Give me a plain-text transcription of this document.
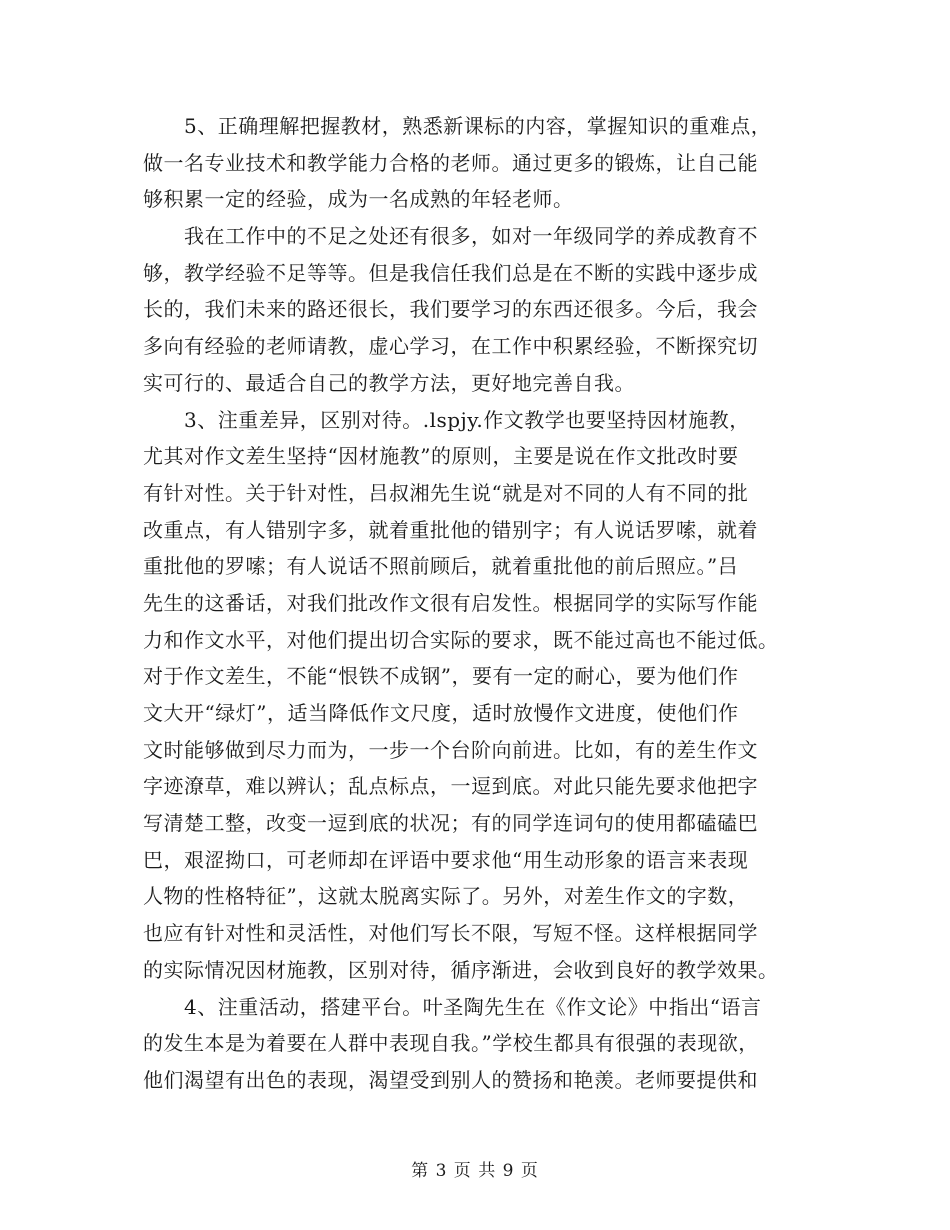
　　5、正确理解把握教材，熟悉新课标的内容，掌握知识的重难点，
做一名专业技术和教学能力合格的老师。通过更多的锻炼，让自己能
够积累一定的经验，成为一名成熟的年轻老师。
　　我在工作中的不足之处还有很多，如对一年级同学的养成教育不
够，教学经验不足等等。但是我信任我们总是在不断的实践中逐步成
长的，我们未来的路还很长，我们要学习的东西还很多。今后，我会
多向有经验的老师请教，虚心学习，在工作中积累经验，不断探究切
实可行的、最适合自己的教学方法，更好地完善自我。
　　3、注重差异，区别对待。.lspjy.作文教学也要坚持因材施教，
尤其对作文差生坚持“因材施教”的原则，主要是说在作文批改时要
有针对性。关于针对性，吕叔湘先生说“就是对不同的人有不同的批
改重点，有人错别字多，就着重批他的错别字；有人说话罗嗦，就着
重批他的罗嗦；有人说话不照前顾后，就着重批他的前后照应。”吕
先生的这番话，对我们批改作文很有启发性。根据同学的实际写作能
力和作文水平，对他们提出切合实际的要求，既不能过高也不能过低。
对于作文差生，不能“恨铁不成钢”，要有一定的耐心，要为他们作
文大开“绿灯”，适当降低作文尺度，适时放慢作文进度，使他们作
文时能够做到尽力而为，一步一个台阶向前进。比如，有的差生作文
字迹潦草，难以辨认；乱点标点，一逗到底。对此只能先要求他把字
写清楚工整，改变一逗到底的状况；有的同学连词句的使用都磕磕巴
巴，艰涩拗口，可老师却在评语中要求他“用生动形象的语言来表现
人物的性格特征”，这就太脱离实际了。另外，对差生作文的字数，
也应有针对性和灵活性，对他们写长不限，写短不怪。这样根据同学
的实际情况因材施教，区别对待，循序渐进，会收到良好的教学效果。
　　4、注重活动，搭建平台。叶圣陶先生在《作文论》中指出“语言
的发生本是为着要在人群中表现自我。”学校生都具有很强的表现欲，
他们渴望有出色的表现，渴望受到别人的赞扬和艳羡。老师要提供和
第 3 页 共 9 页
